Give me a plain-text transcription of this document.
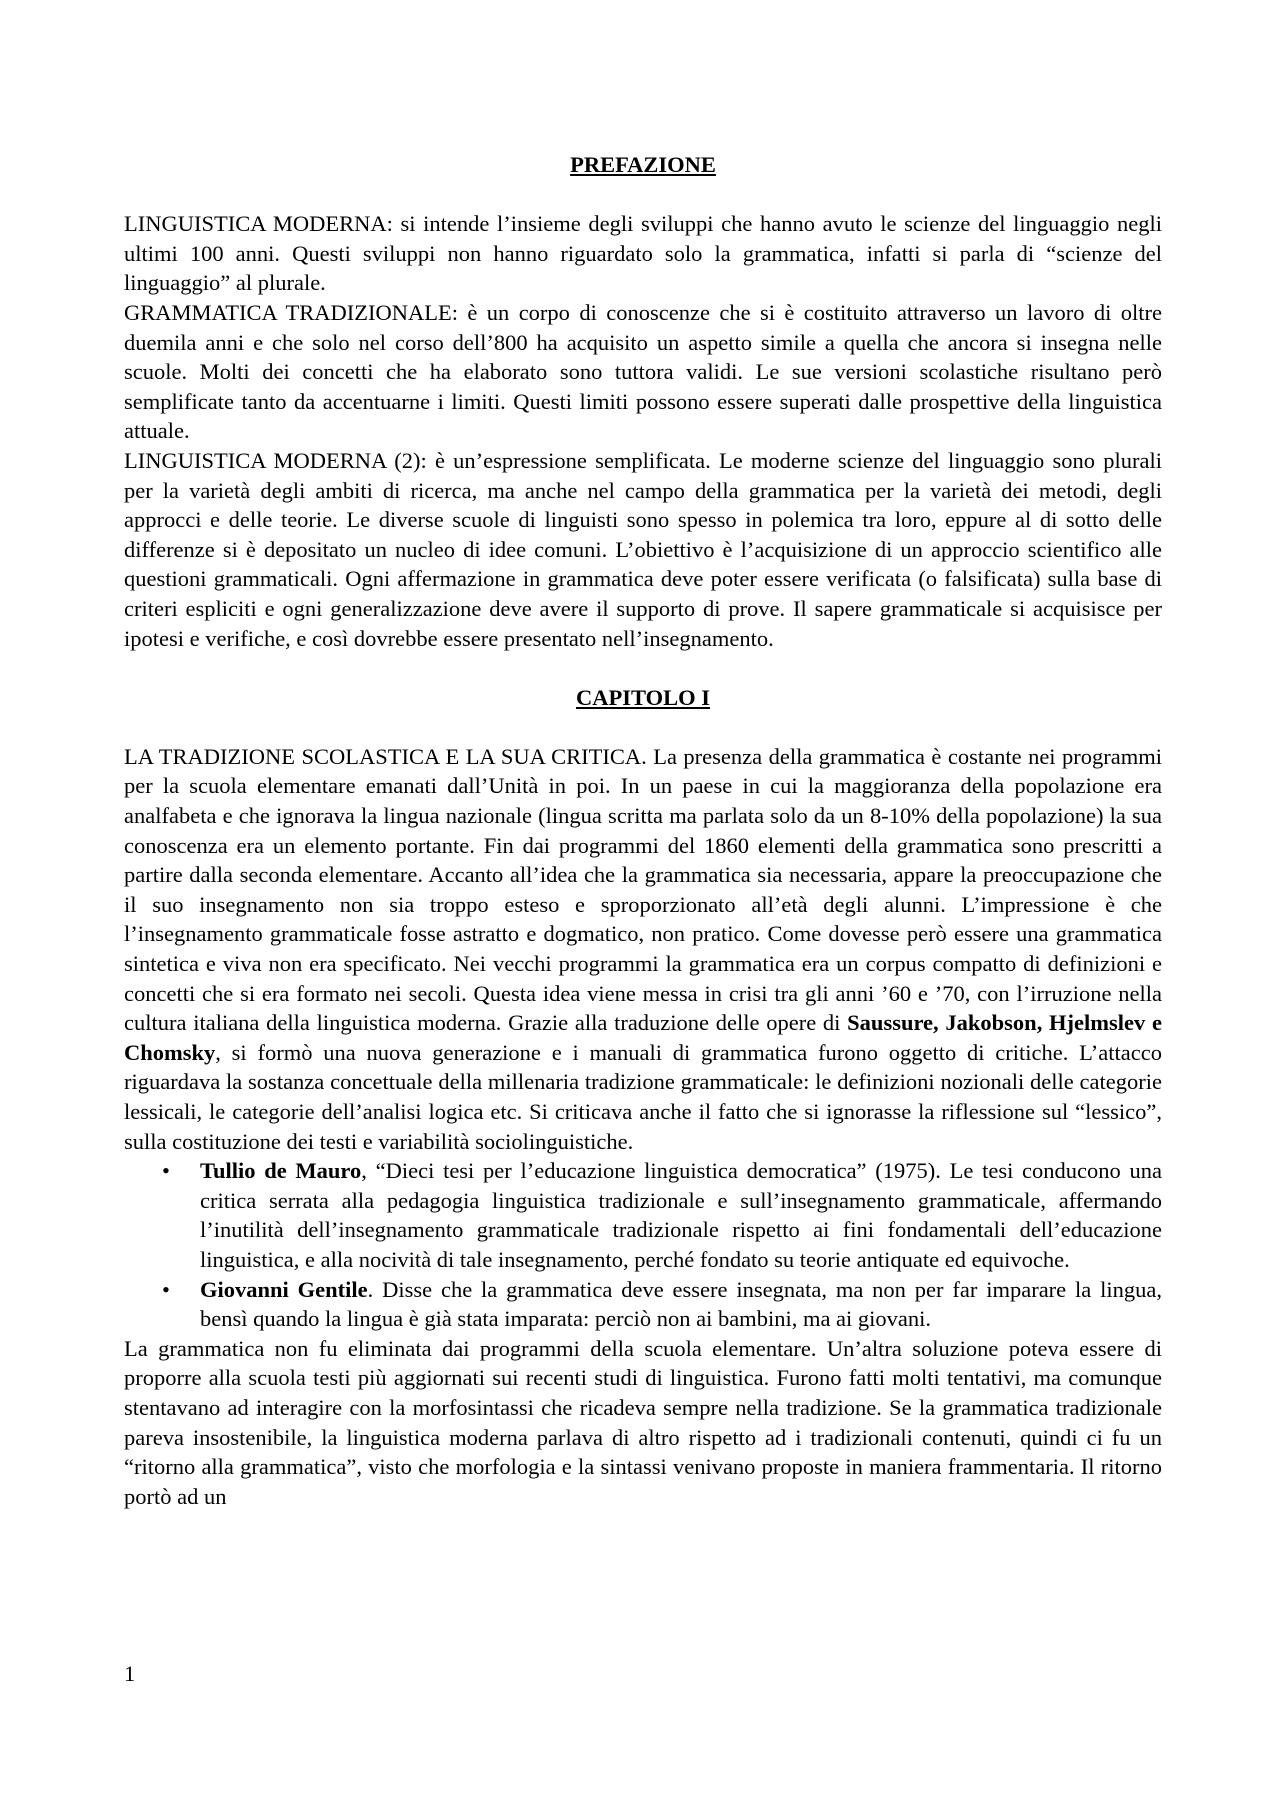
PREFAZIONE

LINGUISTICA MODERNA: si intende l’insieme degli sviluppi che hanno avuto le scienze del linguaggio negli ultimi 100 anni. Questi sviluppi non hanno riguardato solo la grammatica, infatti si parla di “scienze del linguaggio” al plurale.

GRAMMATICA TRADIZIONALE: è un corpo di conoscenze che si è costituito attraverso un lavoro di oltre duemila anni e che solo nel corso dell’800 ha acquisito un aspetto simile a quella che ancora si insegna nelle scuole. Molti dei concetti che ha elaborato sono tuttora validi. Le sue versioni scolastiche risultano però semplificate tanto da accentuarne i limiti. Questi limiti possono essere superati dalle prospettive della linguistica attuale.

LINGUISTICA MODERNA (2): è un’espressione semplificata. Le moderne scienze del linguaggio sono plurali per la varietà degli ambiti di ricerca, ma anche nel campo della grammatica per la varietà dei metodi, degli approcci e delle teorie. Le diverse scuole di linguisti sono spesso in polemica tra loro, eppure al di sotto delle differenze si è depositato un nucleo di idee comuni. L’obiettivo è l’acquisizione di un approccio scientifico alle questioni grammaticali. Ogni affermazione in grammatica deve poter essere verificata (o falsificata) sulla base di criteri espliciti e ogni generalizzazione deve avere il supporto di prove. Il sapere grammaticale si acquisisce per ipotesi e verifiche, e così dovrebbe essere presentato nell’insegnamento.

CAPITOLO I

LA TRADIZIONE SCOLASTICA E LA SUA CRITICA. La presenza della grammatica è costante nei programmi per la scuola elementare emanati dall’Unità in poi. In un paese in cui la maggioranza della popolazione era analfabeta e che ignorava la lingua nazionale (lingua scritta ma parlata solo da un 8-10% della popolazione) la sua conoscenza era un elemento portante. Fin dai programmi del 1860 elementi della grammatica sono prescritti a partire dalla seconda elementare. Accanto all’idea che la grammatica sia necessaria, appare la preoccupazione che il suo insegnamento non sia troppo esteso e sproporzionato all’età degli alunni. L’impressione è che l’insegnamento grammaticale fosse astratto e dogmatico, non pratico. Come dovesse però essere una grammatica sintetica e viva non era specificato. Nei vecchi programmi la grammatica era un corpus compatto di definizioni e concetti che si era formato nei secoli. Questa idea viene messa in crisi tra gli anni ’60 e ’70, con l’irruzione nella cultura italiana della linguistica moderna. Grazie alla traduzione delle opere di Saussure, Jakobson, Hjelmslev e Chomsky, si formò una nuova generazione e i manuali di grammatica furono oggetto di critiche. L’attacco riguardava la sostanza concettuale della millenaria tradizione grammaticale: le definizioni nozionali delle categorie lessicali, le categorie dell’analisi logica etc. Si criticava anche il fatto che si ignorasse la riflessione sul “lessico”, sulla costituzione dei testi e variabilità sociolinguistiche.

• Tullio de Mauro, “Dieci tesi per l’educazione linguistica democratica” (1975). Le tesi conducono una critica serrata alla pedagogia linguistica tradizionale e sull’insegnamento grammaticale, affermando l’inutilità dell’insegnamento grammaticale tradizionale rispetto ai fini fondamentali dell’educazione linguistica, e alla nocività di tale insegnamento, perché fondato su teorie antiquate ed equivoche.
• Giovanni Gentile. Disse che la grammatica deve essere insegnata, ma non per far imparare la lingua, bensì quando la lingua è già stata imparata: perciò non ai bambini, ma ai giovani.

La grammatica non fu eliminata dai programmi della scuola elementare. Un’altra soluzione poteva essere di proporre alla scuola testi più aggiornati sui recenti studi di linguistica. Furono fatti molti tentativi, ma comunque stentavano ad interagire con la morfosintassi che ricadeva sempre nella tradizione. Se la grammatica tradizionale pareva insostenibile, la linguistica moderna parlava di altro rispetto ad i tradizionali contenuti, quindi ci fu un “ritorno alla grammatica”, visto che morfologia e la sintassi venivano proposte in maniera frammentaria. Il ritorno portò ad un

1
